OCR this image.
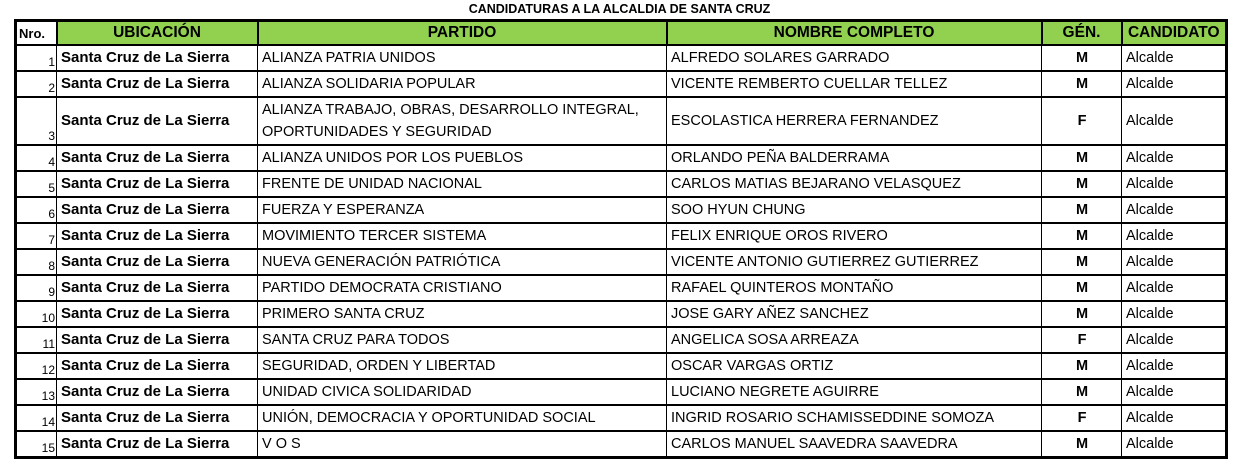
CANDIDATURAS A LA ALCALDIA DE SANTA CRUZ
Nro.	UBICACIÓN	PARTIDO	NOMBRE COMPLETO	GÉN.	CANDIDATO
1	Santa Cruz de La Sierra	ALIANZA PATRIA UNIDOS	ALFREDO SOLARES GARRADO	M	Alcalde
2	Santa Cruz de La Sierra	ALIANZA SOLIDARIA POPULAR	VICENTE REMBERTO CUELLAR TELLEZ	M	Alcalde
3	Santa Cruz de La Sierra	ALIANZA TRABAJO, OBRAS, DESARROLLO INTEGRAL, OPORTUNIDADES Y SEGURIDAD	ESCOLASTICA HERRERA FERNANDEZ	F	Alcalde
4	Santa Cruz de La Sierra	ALIANZA UNIDOS POR LOS PUEBLOS	ORLANDO PEÑA BALDERRAMA	M	Alcalde
5	Santa Cruz de La Sierra	FRENTE DE UNIDAD NACIONAL	CARLOS MATIAS BEJARANO VELASQUEZ	M	Alcalde
6	Santa Cruz de La Sierra	FUERZA Y ESPERANZA	SOO HYUN CHUNG	M	Alcalde
7	Santa Cruz de La Sierra	MOVIMIENTO TERCER SISTEMA	FELIX ENRIQUE OROS RIVERO	M	Alcalde
8	Santa Cruz de La Sierra	NUEVA GENERACIÓN PATRIÓTICA	VICENTE ANTONIO GUTIERREZ GUTIERREZ	M	Alcalde
9	Santa Cruz de La Sierra	PARTIDO DEMOCRATA CRISTIANO	RAFAEL QUINTEROS MONTAÑO	M	Alcalde
10	Santa Cruz de La Sierra	PRIMERO SANTA CRUZ	JOSE GARY AÑEZ SANCHEZ	M	Alcalde
11	Santa Cruz de La Sierra	SANTA CRUZ PARA TODOS	ANGELICA SOSA ARREAZA	F	Alcalde
12	Santa Cruz de La Sierra	SEGURIDAD, ORDEN Y LIBERTAD	OSCAR VARGAS ORTIZ	M	Alcalde
13	Santa Cruz de La Sierra	UNIDAD CIVICA SOLIDARIDAD	LUCIANO NEGRETE AGUIRRE	M	Alcalde
14	Santa Cruz de La Sierra	UNIÓN, DEMOCRACIA Y OPORTUNIDAD SOCIAL	INGRID ROSARIO SCHAMISSEDDINE SOMOZA	F	Alcalde
15	Santa Cruz de La Sierra	V O S	CARLOS MANUEL SAAVEDRA SAAVEDRA	M	Alcalde
